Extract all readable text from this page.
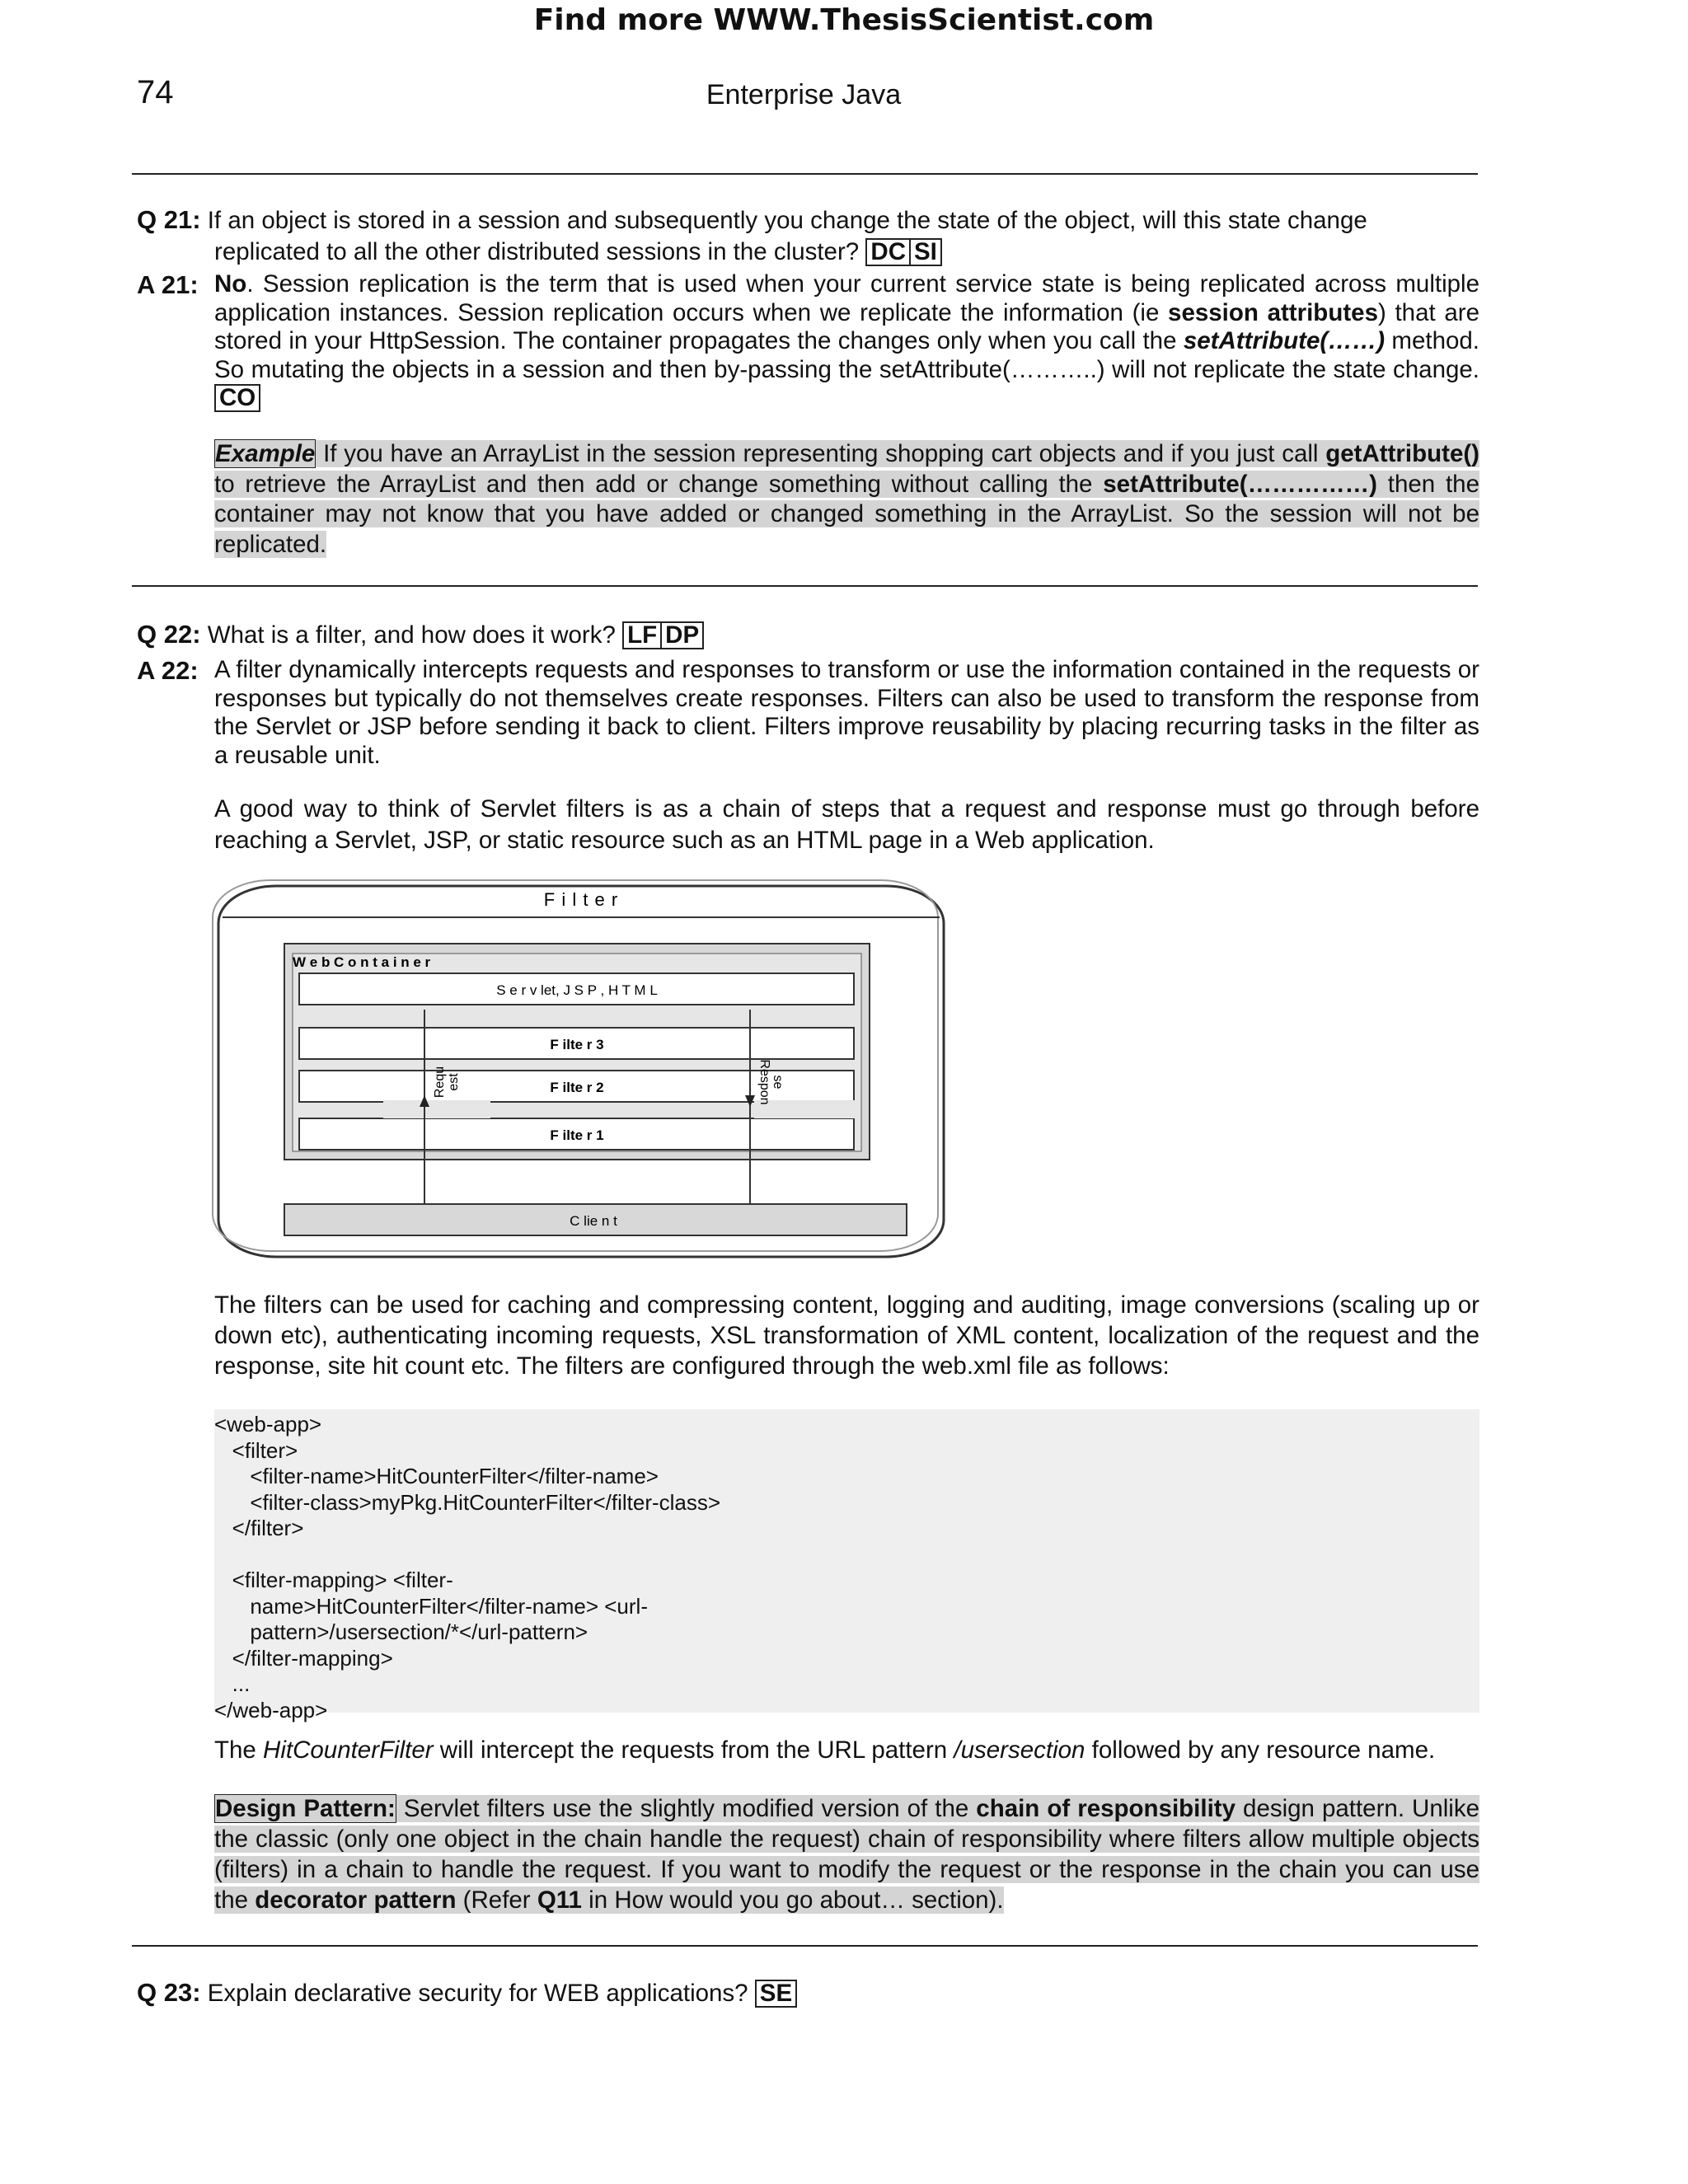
Find more WWW.ThesisScientist.com
74	Enterprise Java
Q 21: If an object is stored in a session and subsequently you change the state of the object, will this state change
replicated to all the other distributed sessions in the cluster? DC SI
A 21: No. Session replication is the term that is used when your current service state is being replicated across multiple application instances. Session replication occurs when we replicate the information (ie session attributes) that are stored in your HttpSession. The container propagates the changes only when you call the setAttribute(……) method. So mutating the objects in a session and then by-passing the setAttribute(………..) will not replicate the state change. CO
Example If you have an ArrayList in the session representing shopping cart objects and if you just call getAttribute() to retrieve the ArrayList and then add or change something without calling the setAttribute(……………) then the container may not know that you have added or changed something in the ArrayList. So the session will not be replicated.
Q 22: What is a filter, and how does it work? LF DP
A 22: A filter dynamically intercepts requests and responses to transform or use the information contained in the requests or responses but typically do not themselves create responses. Filters can also be used to transform the response from the Servlet or JSP before sending it back to client. Filters improve reusability by placing recurring tasks in the filter as a reusable unit.
A good way to think of Servlet filters is as a chain of steps that a request and response must go through before reaching a Servlet, JSP, or static resource such as an HTML page in a Web application.
F i l t e r
W e b C o n t a i n e r
S e r v let, J S P , H T M L
F ilte r 3
F ilte r 2
F ilte r 1
Requ est	Respon se
C lie n t
The filters can be used for caching and compressing content, logging and auditing, image conversions (scaling up or down etc), authenticating incoming requests, XSL transformation of XML content, localization of the request and the response, site hit count etc. The filters are configured through the web.xml file as follows:
<web-app>
<filter>
<filter-name>HitCounterFilter</filter-name>
<filter-class>myPkg.HitCounterFilter</filter-class>
</filter>
<filter-mapping> <filter-
name>HitCounterFilter</filter-name> <url-
pattern>/usersection/*</url-pattern>
</filter-mapping>
...
</web-app>
The HitCounterFilter will intercept the requests from the URL pattern /usersection followed by any resource name.
Design Pattern: Servlet filters use the slightly modified version of the chain of responsibility design pattern. Unlike the classic (only one object in the chain handle the request) chain of responsibility where filters allow multiple objects (filters) in a chain to handle the request. If you want to modify the request or the response in the chain you can use the decorator pattern (Refer Q11 in How would you go about… section).
Q 23: Explain declarative security for WEB applications? SE
